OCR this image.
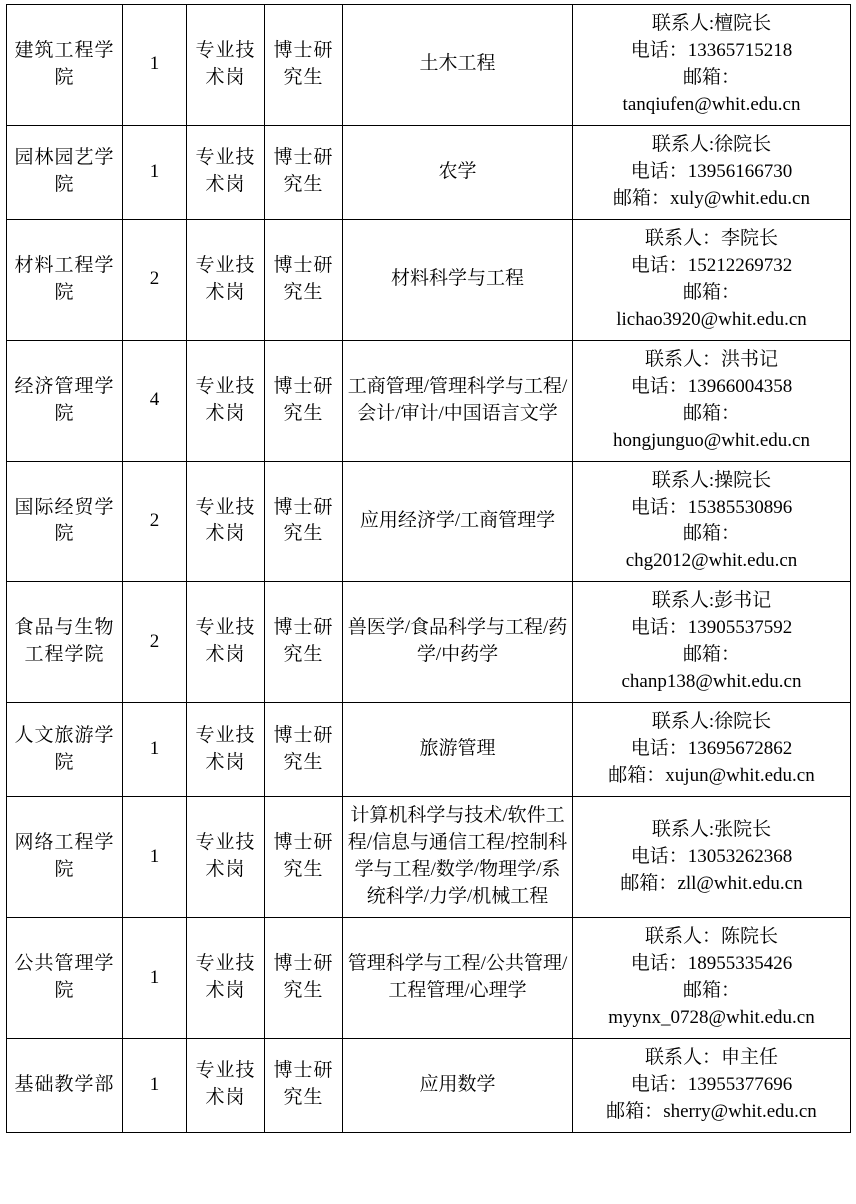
建筑工程学院	1	专业技术岗	博士研究生	土木工程	联系人:檀院长
电话：13365715218
邮箱：
tanqiufen@whit.edu.cn

园林园艺学院	1	专业技术岗	博士研究生	农学	联系人:徐院长
电话：13956166730
邮箱：xuly@whit.edu.cn

材料工程学院	2	专业技术岗	博士研究生	材料科学与工程	联系人：李院长
电话：15212269732
邮箱：
lichao3920@whit.edu.cn

经济管理学院	4	专业技术岗	博士研究生	工商管理/管理科学与工程/会计/审计/中国语言文学	联系人：洪书记
电话：13966004358
邮箱：
hongjunguo@whit.edu.cn

国际经贸学院	2	专业技术岗	博士研究生	应用经济学/工商管理学	联系人:操院长
电话：15385530896
邮箱：
chg2012@whit.edu.cn

食品与生物工程学院	2	专业技术岗	博士研究生	兽医学/食品科学与工程/药学/中药学	联系人:彭书记
电话：13905537592
邮箱：
chanp138@whit.edu.cn

人文旅游学院	1	专业技术岗	博士研究生	旅游管理	联系人:徐院长
电话：13695672862
邮箱：xujun@whit.edu.cn

网络工程学院	1	专业技术岗	博士研究生	计算机科学与技术/软件工程/信息与通信工程/控制科学与工程/数学/物理学/系统科学/力学/机械工程	联系人:张院长
电话：13053262368
邮箱：zll@whit.edu.cn

公共管理学院	1	专业技术岗	博士研究生	管理科学与工程/公共管理/工程管理/心理学	联系人：陈院长
电话：18955335426
邮箱：
myynx_0728@whit.edu.cn

基础教学部	1	专业技术岗	博士研究生	应用数学	联系人：申主任
电话：13955377696
邮箱：sherry@whit.edu.cn
